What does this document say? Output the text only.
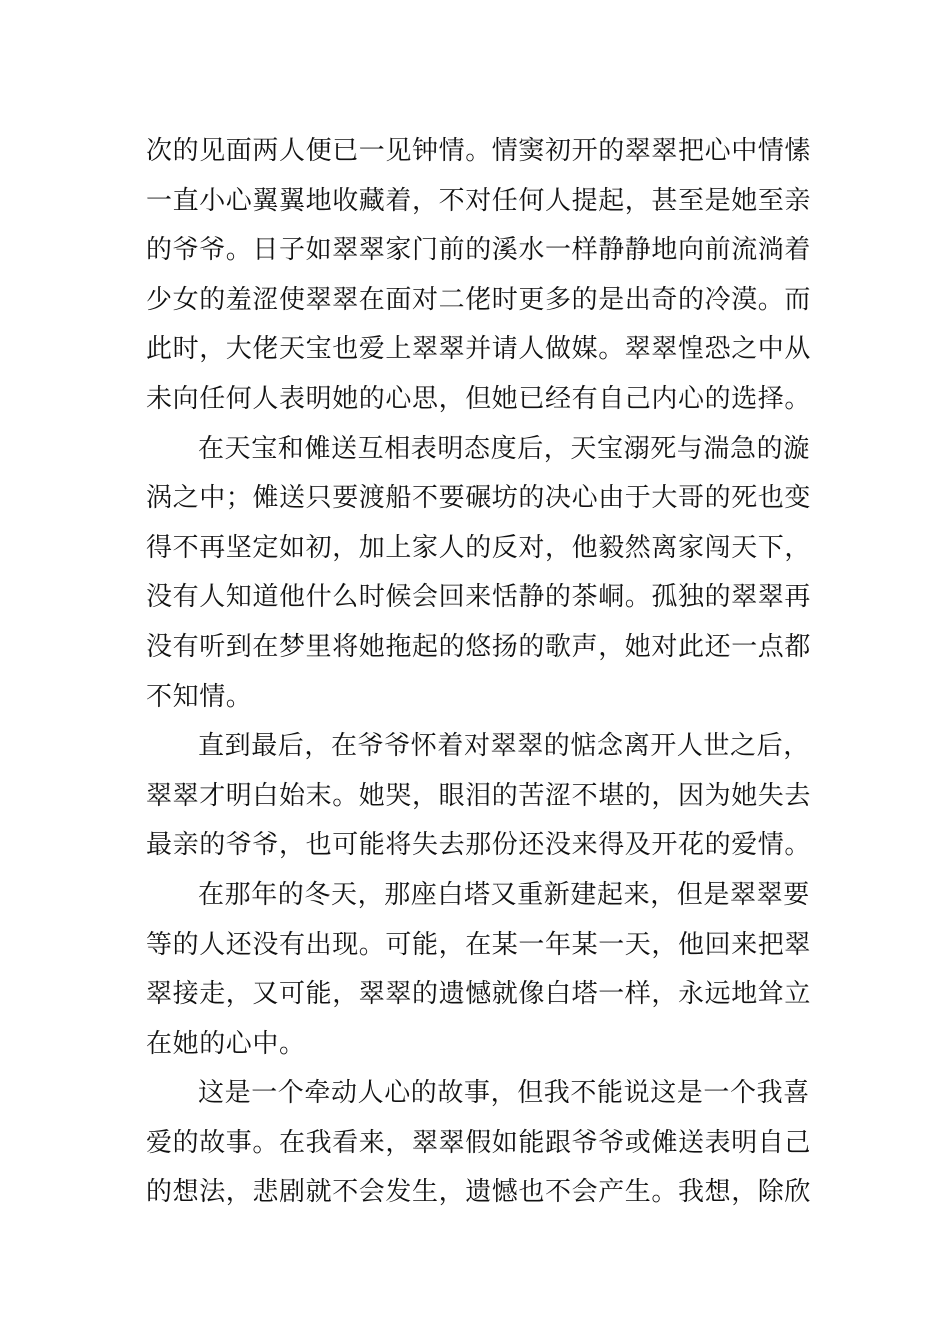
次的见面两人便已一见钟情。情窦初开的翠翠把心中情愫
一直小心翼翼地收藏着，不对任何人提起，甚至是她至亲
的爷爷。日子如翠翠家门前的溪水一样静静地向前流淌着
少女的羞涩使翠翠在面对二佬时更多的是出奇的冷漠。而
此时，大佬天宝也爱上翠翠并请人做媒。翠翠惶恐之中从
未向任何人表明她的心思，但她已经有自己内心的选择。
在天宝和傩送互相表明态度后，天宝溺死与湍急的漩
涡之中；傩送只要渡船不要碾坊的决心由于大哥的死也变
得不再坚定如初，加上家人的反对，他毅然离家闯天下，
没有人知道他什么时候会回来恬静的茶峒。孤独的翠翠再
没有听到在梦里将她拖起的悠扬的歌声，她对此还一点都
不知情。
直到最后，在爷爷怀着对翠翠的惦念离开人世之后，
翠翠才明白始末。她哭，眼泪的苦涩不堪的，因为她失去
最亲的爷爷，也可能将失去那份还没来得及开花的爱情。
在那年的冬天，那座白塔又重新建起来，但是翠翠要
等的人还没有出现。可能，在某一年某一天，他回来把翠
翠接走，又可能，翠翠的遗憾就像白塔一样，永远地耸立
在她的心中。
这是一个牵动人心的故事，但我不能说这是一个我喜
爱的故事。在我看来，翠翠假如能跟爷爷或傩送表明自己
的想法，悲剧就不会发生，遗憾也不会产生。我想，除欣
